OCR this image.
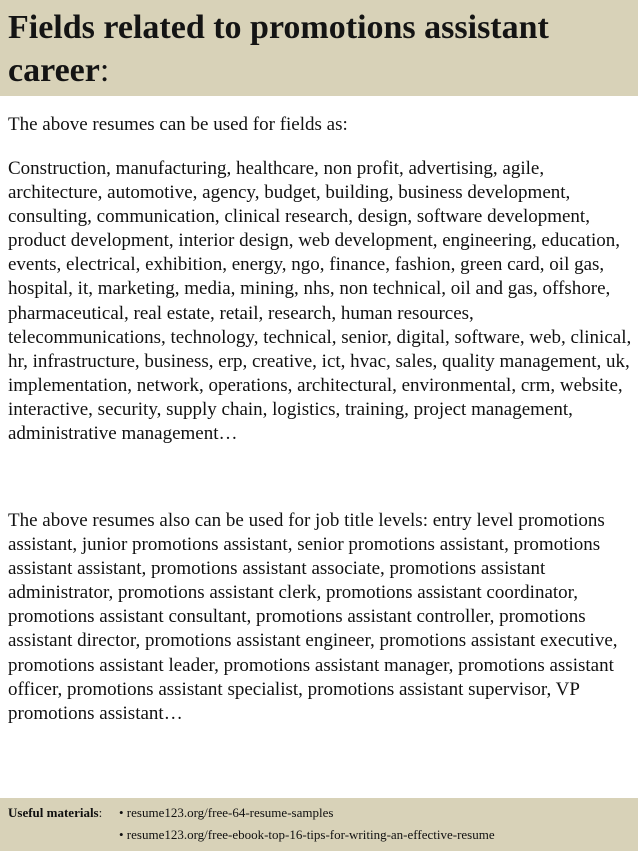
Fields related to promotions assistant career:

The above resumes can be used for fields as:

Construction, manufacturing, healthcare, non profit, advertising, agile, architecture, automotive, agency, budget, building, business development, consulting, communication, clinical research, design, software development, product development, interior design, web development, engineering, education, events, electrical, exhibition, energy, ngo, finance, fashion, green card, oil gas, hospital, it, marketing, media, mining, nhs, non technical, oil and gas, offshore, pharmaceutical, real estate, retail, research, human resources, telecommunications, technology, technical, senior, digital, software, web, clinical, hr, infrastructure, business, erp, creative, ict, hvac, sales, quality management, uk, implementation, network, operations, architectural, environmental, crm, website, interactive, security, supply chain, logistics, training, project management, administrative management…

The above resumes also can be used for job title levels: entry level promotions assistant, junior promotions assistant, senior promotions assistant, promotions assistant assistant, promotions assistant associate, promotions assistant administrator, promotions assistant clerk, promotions assistant coordinator, promotions assistant consultant, promotions assistant controller, promotions assistant director, promotions assistant engineer, promotions assistant executive, promotions assistant leader, promotions assistant manager, promotions assistant officer, promotions assistant specialist, promotions assistant supervisor, VP promotions assistant…

Useful materials: • resume123.org/free-64-resume-samples
• resume123.org/free-ebook-top-16-tips-for-writing-an-effective-resume
